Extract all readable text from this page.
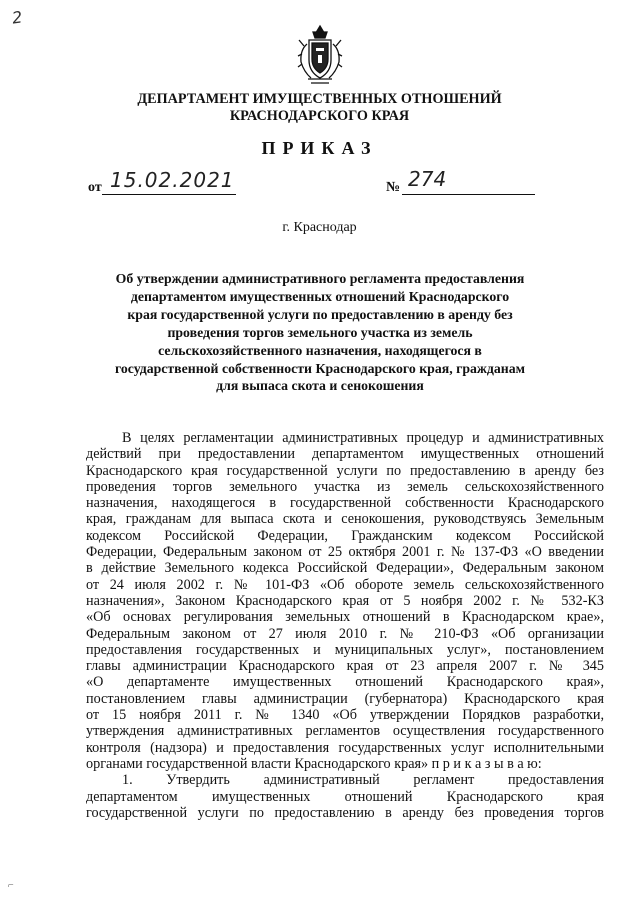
2
ДЕПАРТАМЕНТ ИМУЩЕСТВЕННЫХ ОТНОШЕНИЙ
КРАСНОДАРСКОГО КРАЯ
ПРИКАЗ
от 15.02.2021	№ 274
г. Краснодар
Об утверждении административного регламента предоставления
департаментом имущественных отношений Краснодарского
края государственной услуги по предоставлению в аренду без
проведения торгов земельного участка из земель
сельскохозяйственного назначения, находящегося в
государственной собственности Краснодарского края, гражданам
для выпаса скота и сенокошения
В целях регламентации административных процедур и административных
действий при предоставлении департаментом имущественных отношений
Краснодарского края государственной услуги по предоставлению в аренду без
проведения торгов земельного участка из земель сельскохозяйственного
назначения, находящегося в государственной собственности Краснодарского
края, гражданам для выпаса скота и сенокошения, руководствуясь Земельным
кодексом Российской Федерации, Гражданским кодексом Российской
Федерации, Федеральным законом от 25 октября 2001 г. № 137-ФЗ «О введении
в действие Земельного кодекса Российской Федерации», Федеральным законом
от 24 июля 2002 г. № 101-ФЗ «Об обороте земель сельскохозяйственного
назначения», Законом Краснодарского края от 5 ноября 2002 г. № 532-КЗ
«Об основах регулирования земельных отношений в Краснодарском крае»,
Федеральным законом от 27 июля 2010 г. № 210-ФЗ «Об организации
предоставления государственных и муниципальных услуг», постановлением
главы администрации Краснодарского края от 23 апреля 2007 г. № 345
«О департаменте имущественных отношений Краснодарского края»,
постановлением главы администрации (губернатора) Краснодарского края
от 15 ноября 2011 г. № 1340 «Об утверждении Порядков разработки,
утверждения административных регламентов осуществления государственного
контроля (надзора) и предоставления государственных услуг исполнительными
органами государственной власти Краснодарского края» п р и к а з ы в а ю:
1. Утвердить административный регламент предоставления
департаментом имущественных отношений Краснодарского края
государственной услуги по предоставлению в аренду без проведения торгов
⌐
